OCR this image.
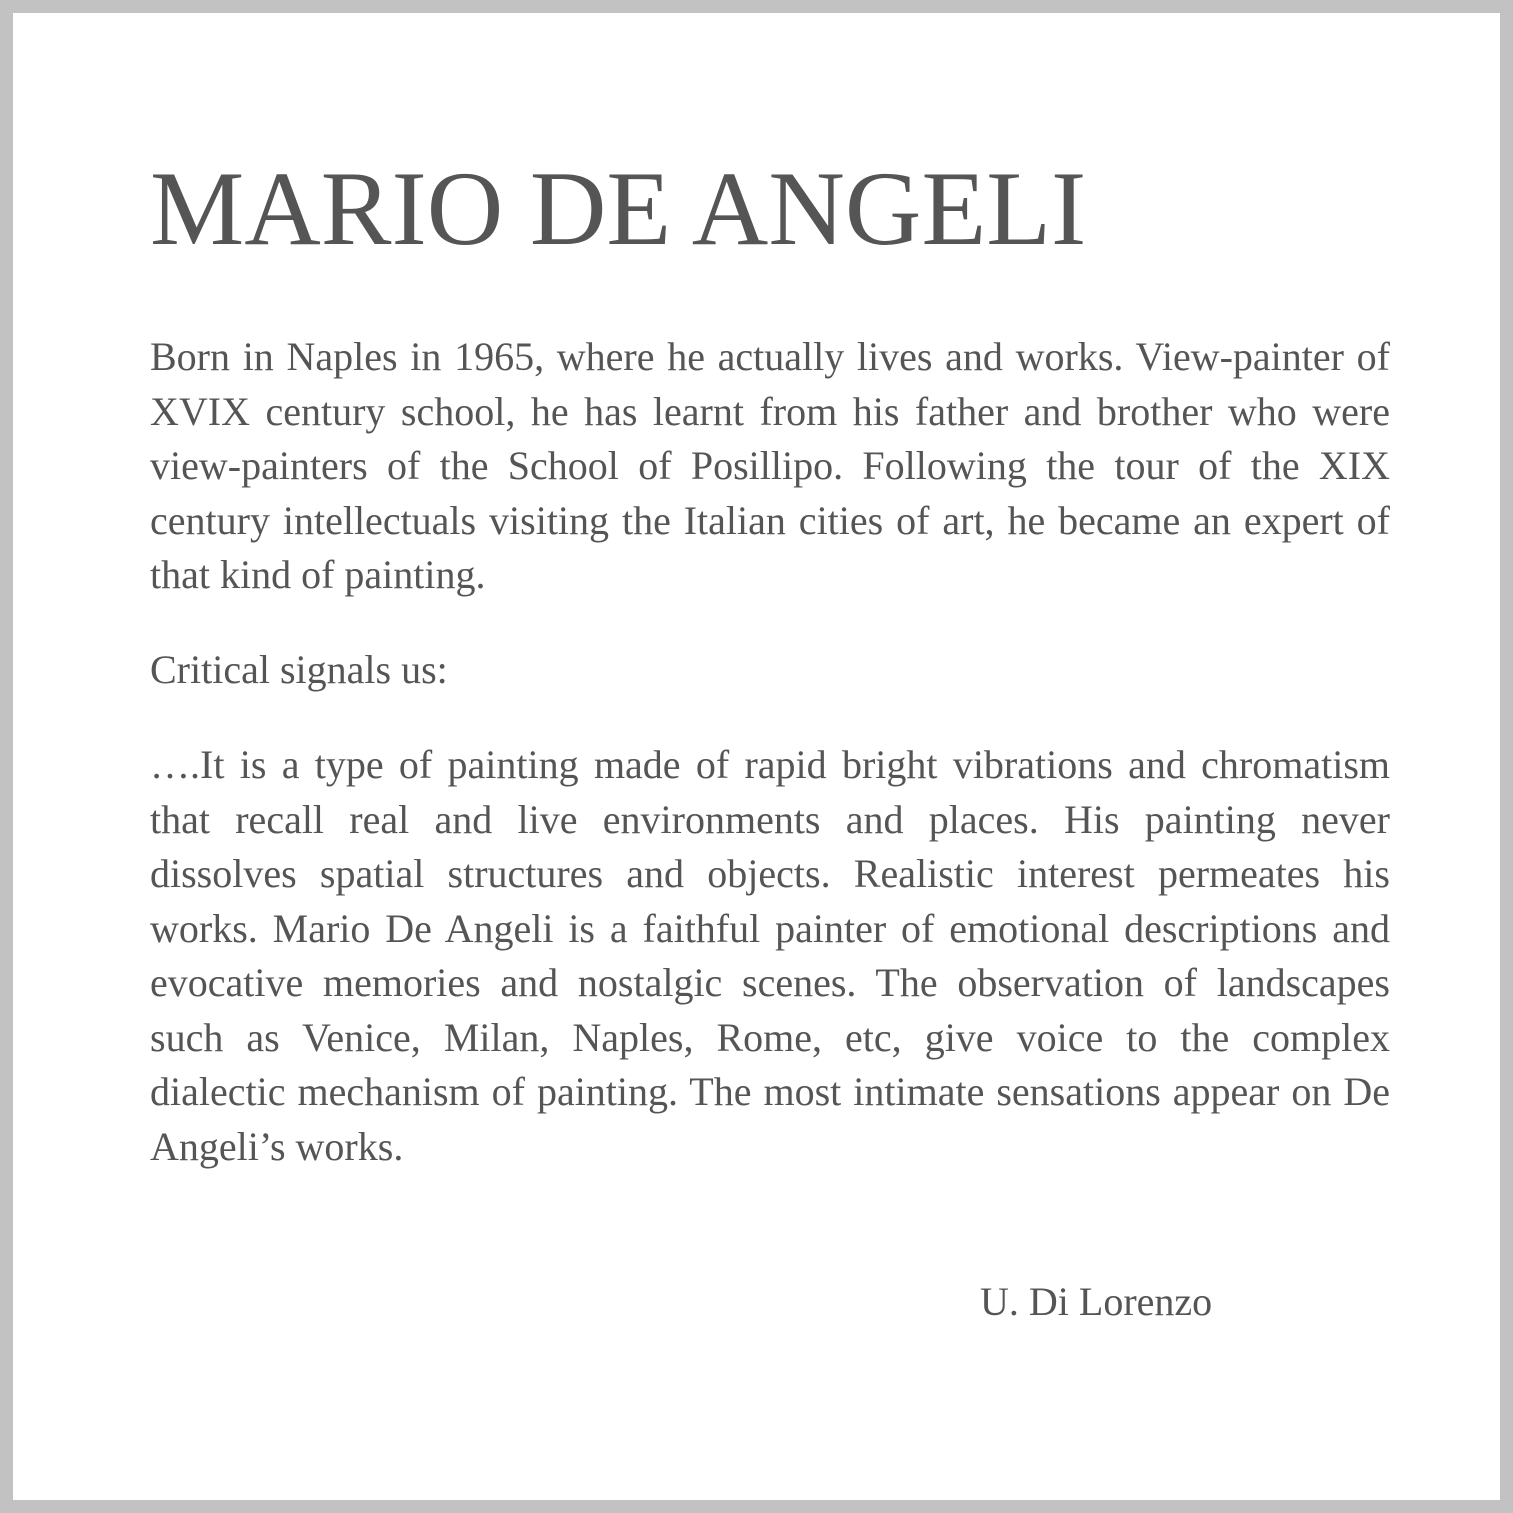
MARIO DE ANGELI

Born in Naples in 1965, where he actually lives and works. View-painter of XVIX century school, he has learnt from his father and brother who were view-painters of the School of Posillipo. Following the tour of the XIX century intellectuals visiting the Italian cities of art, he became an expert of that kind of painting.

Critical signals us:

….It is a type of painting made of rapid bright vibrations and chromatism that recall real and live environments and places. His painting never dissolves spatial structures and objects. Realistic interest permeates his works. Mario De Angeli is a faithful painter of emotional descriptions and evocative memories and nostalgic scenes. The observation of landscapes such as Venice, Milan, Naples, Rome, etc, give voice to the complex dialectic mechanism of painting. The most intimate sensations appear on De Angeli’s works.

U. Di Lorenzo
